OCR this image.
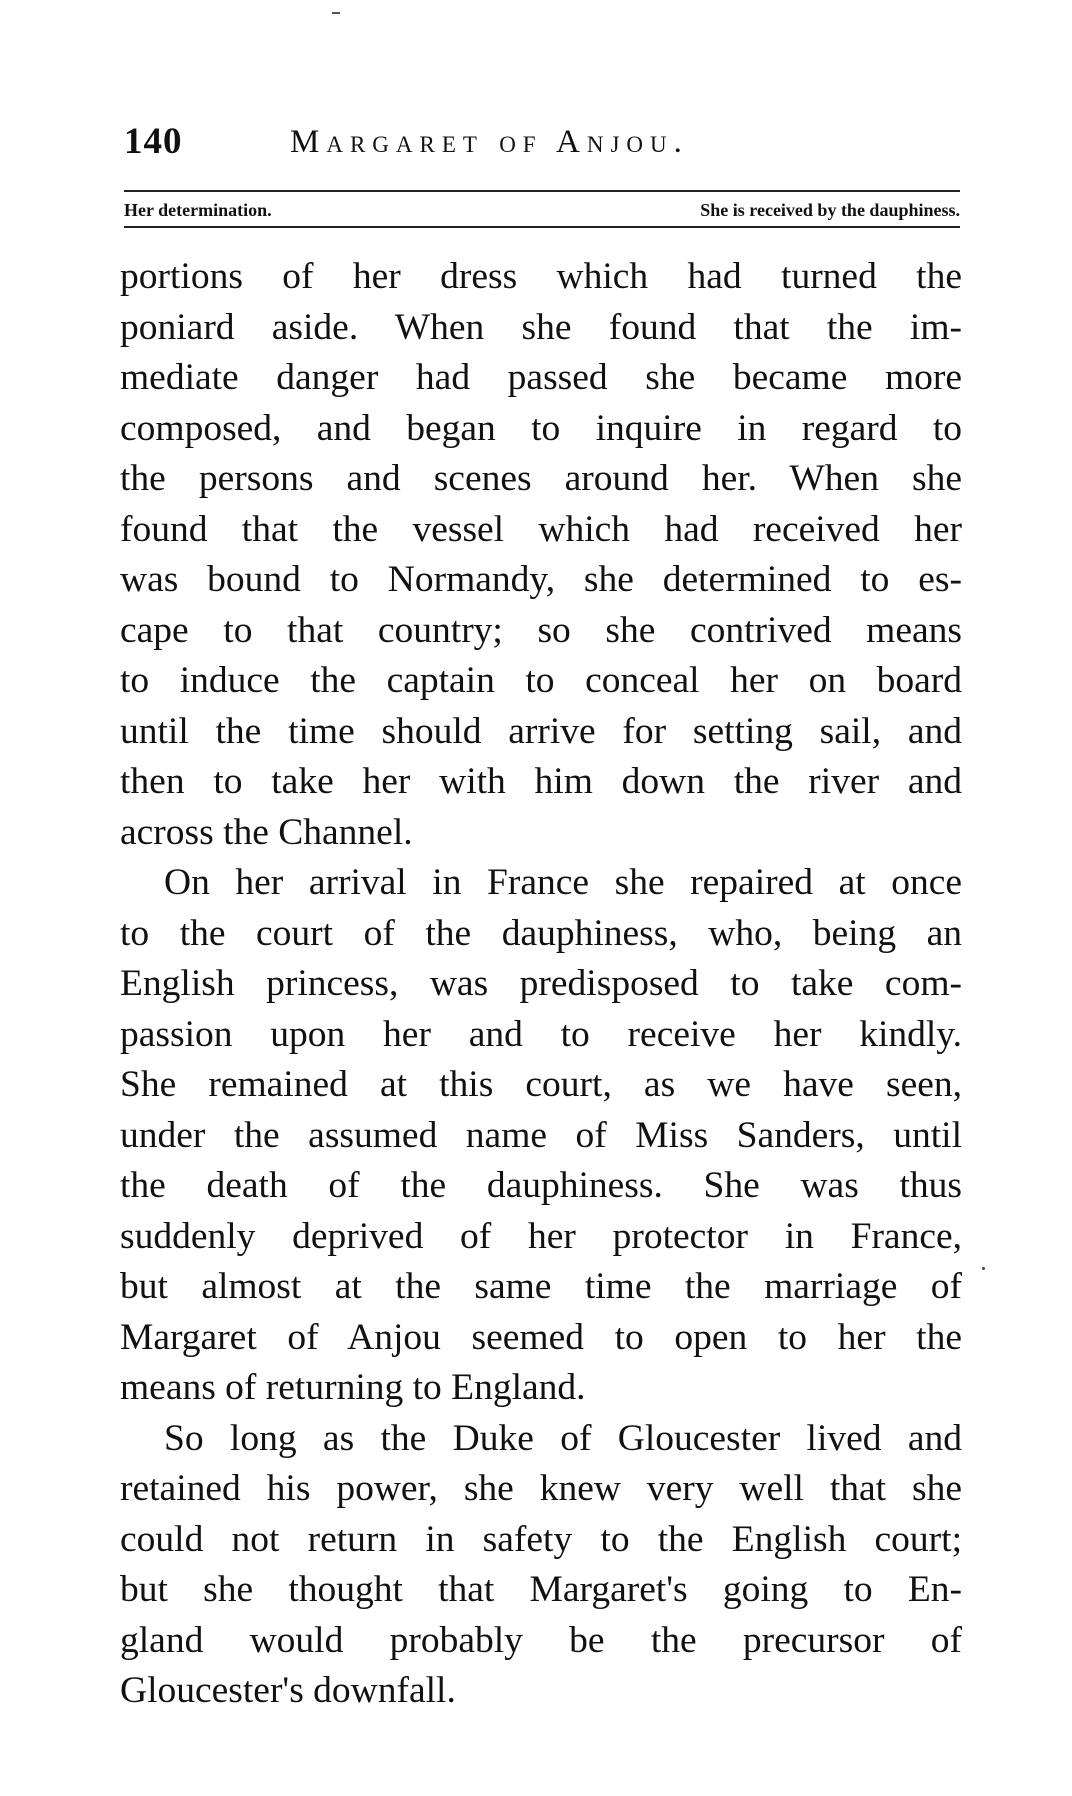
140	Margaret of Anjou.
Her determination.	She is received by the dauphiness.
portions of her dress which had turned the
poniard aside. When she found that the im-
mediate danger had passed she became more
composed, and began to inquire in regard to
the persons and scenes around her. When she
found that the vessel which had received her
was bound to Normandy, she determined to es-
cape to that country; so she contrived means
to induce the captain to conceal her on board
until the time should arrive for setting sail, and
then to take her with him down the river and
across the Channel.
On her arrival in France she repaired at once
to the court of the dauphiness, who, being an
English princess, was predisposed to take com-
passion upon her and to receive her kindly.
She remained at this court, as we have seen,
under the assumed name of Miss Sanders, until
the death of the dauphiness. She was thus
suddenly deprived of her protector in France,
but almost at the same time the marriage of
Margaret of Anjou seemed to open to her the
means of returning to England.
So long as the Duke of Gloucester lived and
retained his power, she knew very well that she
could not return in safety to the English court;
but she thought that Margaret's going to En-
gland would probably be the precursor of
Gloucester's downfall.
